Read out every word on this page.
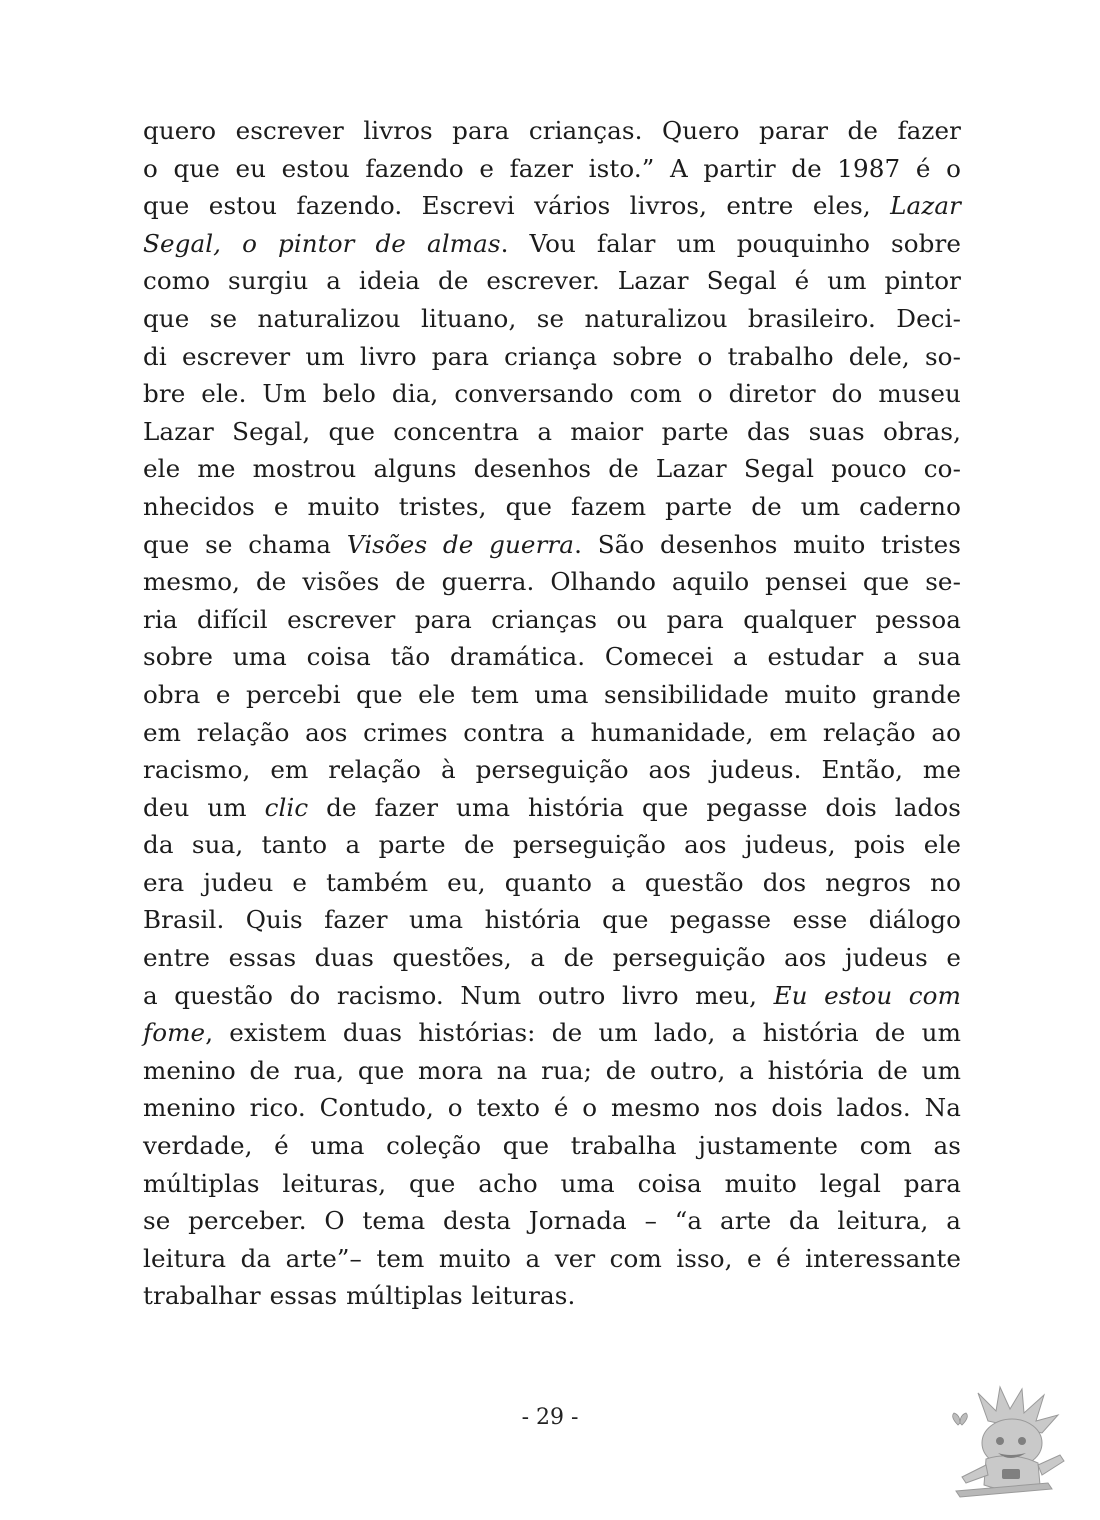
quero escrever livros para crianças. Quero parar de fazer
o que eu estou fazendo e fazer isto.” A partir de 1987 é o
que estou fazendo. Escrevi vários livros, entre eles, Lazar
Segal, o pintor de almas. Vou falar um pouquinho sobre
como surgiu a ideia de escrever. Lazar Segal é um pintor
que se naturalizou lituano, se naturalizou brasileiro. Deci-
di escrever um livro para criança sobre o trabalho dele, so-
bre ele. Um belo dia, conversando com o diretor do museu
Lazar Segal, que concentra a maior parte das suas obras,
ele me mostrou alguns desenhos de Lazar Segal pouco co-
nhecidos e muito tristes, que fazem parte de um caderno
que se chama Visões de guerra. São desenhos muito tristes
mesmo, de visões de guerra. Olhando aquilo pensei que se-
ria difícil escrever para crianças ou para qualquer pessoa
sobre uma coisa tão dramática. Comecei a estudar a sua
obra e percebi que ele tem uma sensibilidade muito grande
em relação aos crimes contra a humanidade, em relação ao
racismo, em relação à perseguição aos judeus. Então, me
deu um clic de fazer uma história que pegasse dois lados
da sua, tanto a parte de perseguição aos judeus, pois ele
era judeu e também eu, quanto a questão dos negros no
Brasil. Quis fazer uma história que pegasse esse diálogo
entre essas duas questões, a de perseguição aos judeus e
a questão do racismo. Num outro livro meu, Eu estou com
fome, existem duas histórias: de um lado, a história de um
menino de rua, que mora na rua; de outro, a história de um
menino rico. Contudo, o texto é o mesmo nos dois lados. Na
verdade, é uma coleção que trabalha justamente com as
múltiplas leituras, que acho uma coisa muito legal para
se perceber. O tema desta Jornada – “a arte da leitura, a
leitura da arte”– tem muito a ver com isso, e é interessante
trabalhar essas múltiplas leituras.
- 29 -
